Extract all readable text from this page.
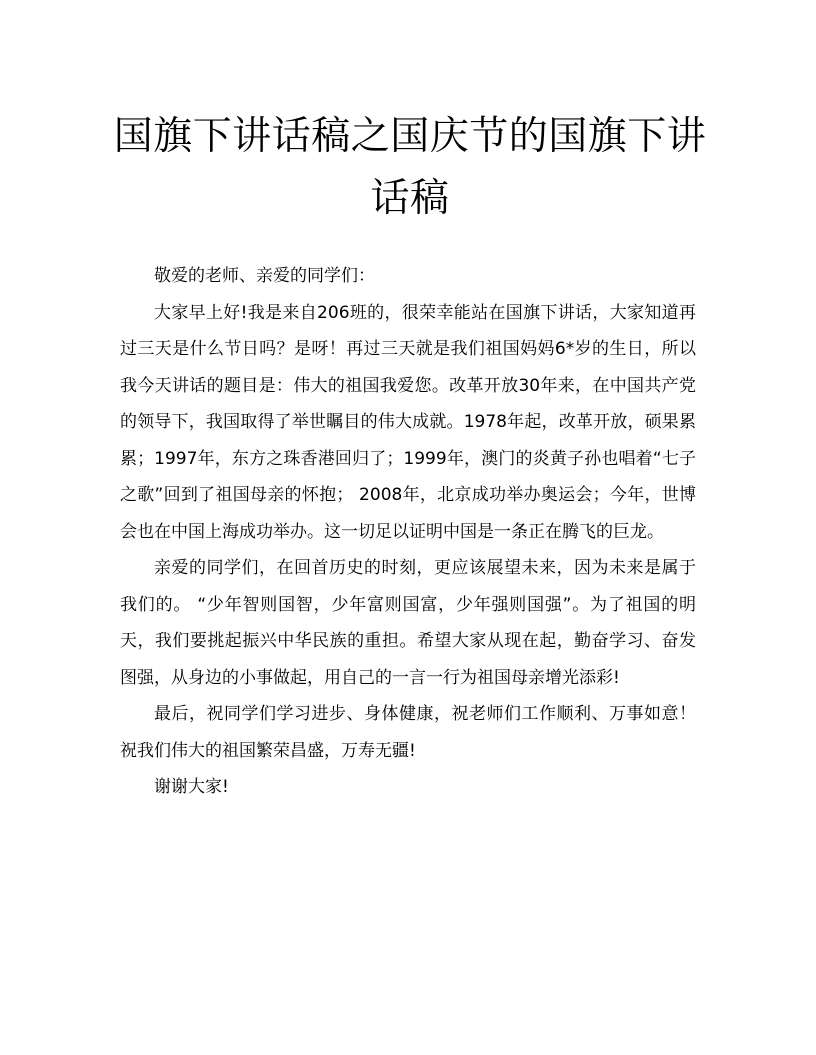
国旗下讲话稿之国庆节的国旗下讲话稿

敬爱的老师、亲爱的同学们：

大家早上好!我是来自206班的，很荣幸能站在国旗下讲话，大家知道再过三天是什么节日吗？是呀！再过三天就是我们祖国妈妈6*岁的生日，所以我今天讲话的题目是：伟大的祖国我爱您。改革开放30年来，在中国共产党的领导下，我国取得了举世瞩目的伟大成就。1978年起，改革开放，硕果累累；1997年，东方之珠香港回归了；1999年，澳门的炎黄子孙也唱着“七子之歌”回到了祖国母亲的怀抱； 2008年，北京成功举办奥运会；今年，世博会也在中国上海成功举办。这一切足以证明中国是一条正在腾飞的巨龙。

亲爱的同学们，在回首历史的时刻，更应该展望未来，因为未来是属于我们的。 “少年智则国智，少年富则国富，少年强则国强”。为了祖国的明天，我们要挑起振兴中华民族的重担。希望大家从现在起，勤奋学习、奋发图强，从身边的小事做起，用自己的一言一行为祖国母亲增光添彩!

最后，祝同学们学习进步、身体健康，祝老师们工作顺利、万事如意！祝我们伟大的祖国繁荣昌盛，万寿无疆!

谢谢大家!
